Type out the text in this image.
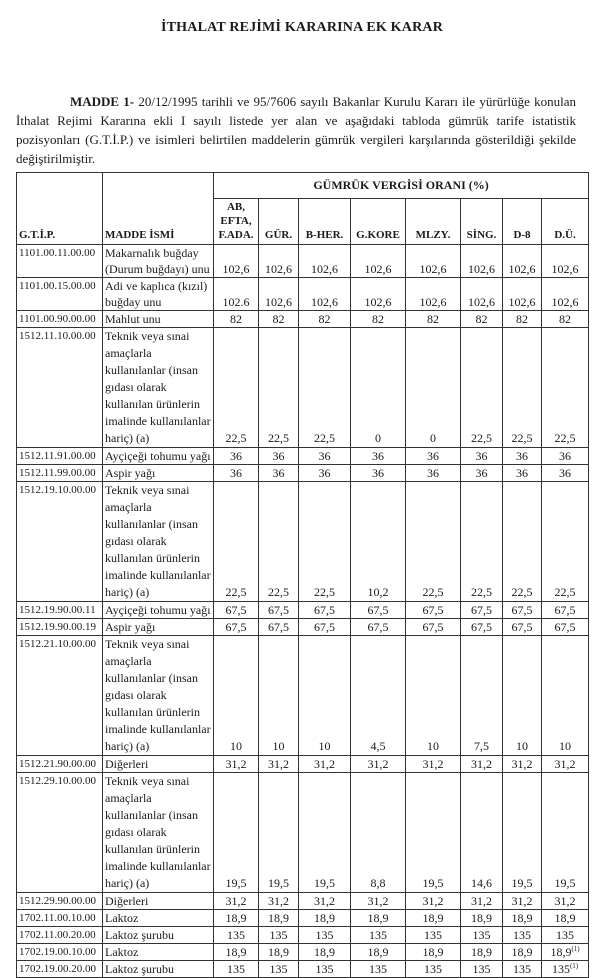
İTHALAT REJİMİ KARARINA EK KARAR

MADDE 1- 20/12/1995 tarihli ve 95/7606 sayılı Bakanlar Kurulu Kararı ile yürürlüğe konulan İthalat Rejimi Kararına ekli I sayılı listede yer alan ve aşağıdaki tabloda gümrük tarife istatistik pozisyonları (G.T.İ.P.) ve isimleri belirtilen maddelerin gümrük vergileri karşılarında gösterildiği şekilde değiştirilmiştir.

G.T.İ.P.	MADDE İSMİ	GÜMRÜK VERGİSİ ORANI (%)							
		AB,
EFTA,
F.ADA.	GÜR.	B-HER.	G.KORE	MLZY.	SİNG.	D-8	D.Ü.
1101.00.11.00.00	Makarnalık buğday (Durum buğdayı) unu	102,6	102,6	102,6	102,6	102,6	102,6	102,6	102,6
1101.00.15.00.00	Adi ve kaplıca (kızıl) buğday unu	102.6	102,6	102,6	102,6	102,6	102,6	102,6	102,6
1101.00.90.00.00	Mahlut unu	82	82	82	82	82	82	82	82
1512.11.10.00.00	Teknik veya sınai amaçlarla kullanılanlar (insan gıdası olarak kullanılan ürünlerin imalinde kullanılanlar hariç) (a)	22,5	22,5	22,5	0	0	22,5	22,5	22,5
1512.11.91.00.00	Ayçiçeği tohumu yağı	36	36	36	36	36	36	36	36
1512.11.99.00.00	Aspir yağı	36	36	36	36	36	36	36	36
1512.19.10.00.00	Teknik veya sınai amaçlarla kullanılanlar (insan gıdası olarak kullanılan ürünlerin imalinde kullanılanlar hariç) (a)	22,5	22,5	22,5	10,2	22,5	22,5	22,5	22,5
1512.19.90.00.11	Ayçiçeği tohumu yağı	67,5	67,5	67,5	67,5	67,5	67,5	67,5	67,5
1512.19.90.00.19	Aspir yağı	67,5	67,5	67,5	67,5	67,5	67,5	67,5	67,5
1512.21.10.00.00	Teknik veya sınai amaçlarla kullanılanlar (insan gıdası olarak kullanılan ürünlerin imalinde kullanılanlar hariç) (a)	10	10	10	4,5	10	7,5	10	10
1512.21.90.00.00	Diğerleri	31,2	31,2	31,2	31,2	31,2	31,2	31,2	31,2
1512.29.10.00.00	Teknik veya sınai amaçlarla kullanılanlar (insan gıdası olarak kullanılan ürünlerin imalinde kullanılanlar hariç) (a)	19,5	19,5	19,5	8,8	19,5	14,6	19,5	19,5
1512.29.90.00.00	Diğerleri	31,2	31,2	31,2	31,2	31,2	31,2	31,2	31,2
1702.11.00.10.00	Laktoz	18,9	18,9	18,9	18,9	18,9	18,9	18,9	18,9
1702.11.00.20.00	Laktoz şurubu	135	135	135	135	135	135	135	135
1702.19.00.10.00	Laktoz	18,9	18,9	18,9	18,9	18,9	18,9	18,9	18,9$^{(1)}$
1702.19.00.20.00	Laktoz şurubu	135	135	135	135	135	135	135	135$^{(1)}$
